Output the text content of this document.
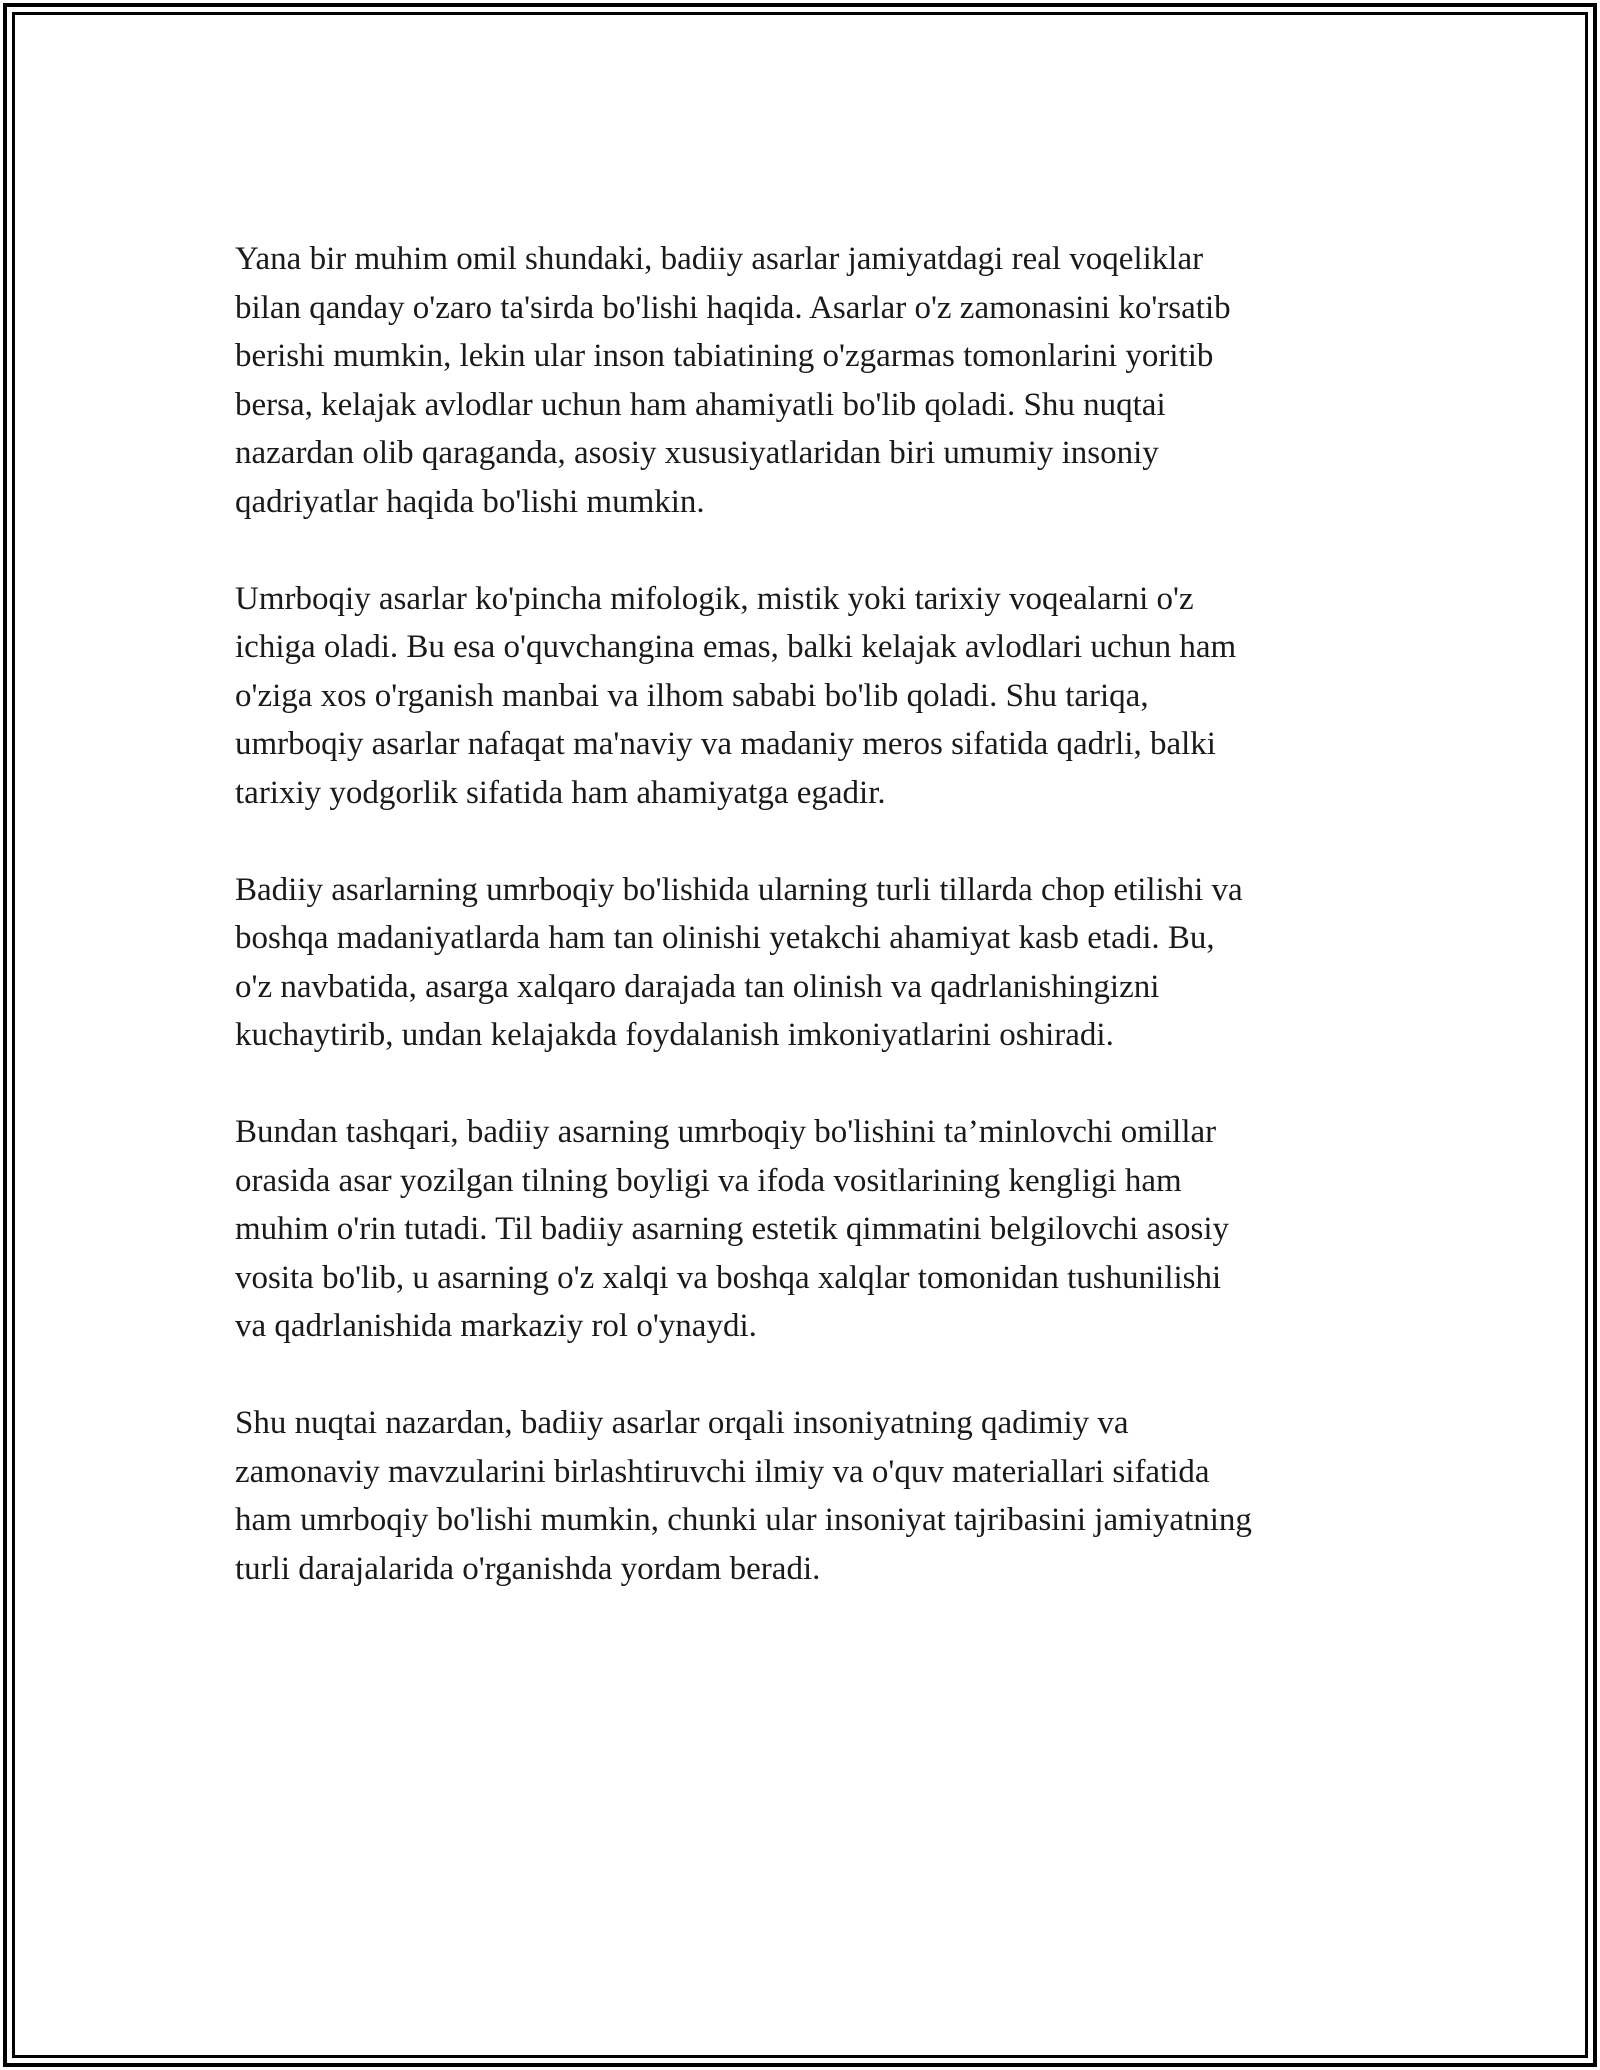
Yana bir muhim omil shundaki, badiiy asarlar jamiyatdagi real voqeliklar
bilan qanday o'zaro ta'sirda bo'lishi haqida. Asarlar o'z zamonasini ko'rsatib
berishi mumkin, lekin ular inson tabiatining o'zgarmas tomonlarini yoritib
bersa, kelajak avlodlar uchun ham ahamiyatli bo'lib qoladi. Shu nuqtai
nazardan olib qaraganda, asosiy xususiyatlaridan biri umumiy insoniy
qadriyatlar haqida bo'lishi mumkin.

Umrboqiy asarlar ko'pincha mifologik, mistik yoki tarixiy voqealarni o'z
ichiga oladi. Bu esa o'quvchangina emas, balki kelajak avlodlari uchun ham
o'ziga xos o'rganish manbai va ilhom sababi bo'lib qoladi. Shu tariqa,
umrboqiy asarlar nafaqat ma'naviy va madaniy meros sifatida qadrli, balki
tarixiy yodgorlik sifatida ham ahamiyatga egadir.

Badiiy asarlarning umrboqiy bo'lishida ularning turli tillarda chop etilishi va
boshqa madaniyatlarda ham tan olinishi yetakchi ahamiyat kasb etadi. Bu,
o'z navbatida, asarga xalqaro darajada tan olinish va qadrlanishingizni
kuchaytirib, undan kelajakda foydalanish imkoniyatlarini oshiradi.

Bundan tashqari, badiiy asarning umrboqiy bo'lishini ta’minlovchi omillar
orasida asar yozilgan tilning boyligi va ifoda vositlarining kengligi ham
muhim o'rin tutadi. Til badiiy asarning estetik qimmatini belgilovchi asosiy
vosita bo'lib, u asarning o'z xalqi va boshqa xalqlar tomonidan tushunilishi
va qadrlanishida markaziy rol o'ynaydi.

Shu nuqtai nazardan, badiiy asarlar orqali insoniyatning qadimiy va
zamonaviy mavzularini birlashtiruvchi ilmiy va o'quv materiallari sifatida
ham umrboqiy bo'lishi mumkin, chunki ular insoniyat tajribasini jamiyatning
turli darajalarida o'rganishda yordam beradi.
